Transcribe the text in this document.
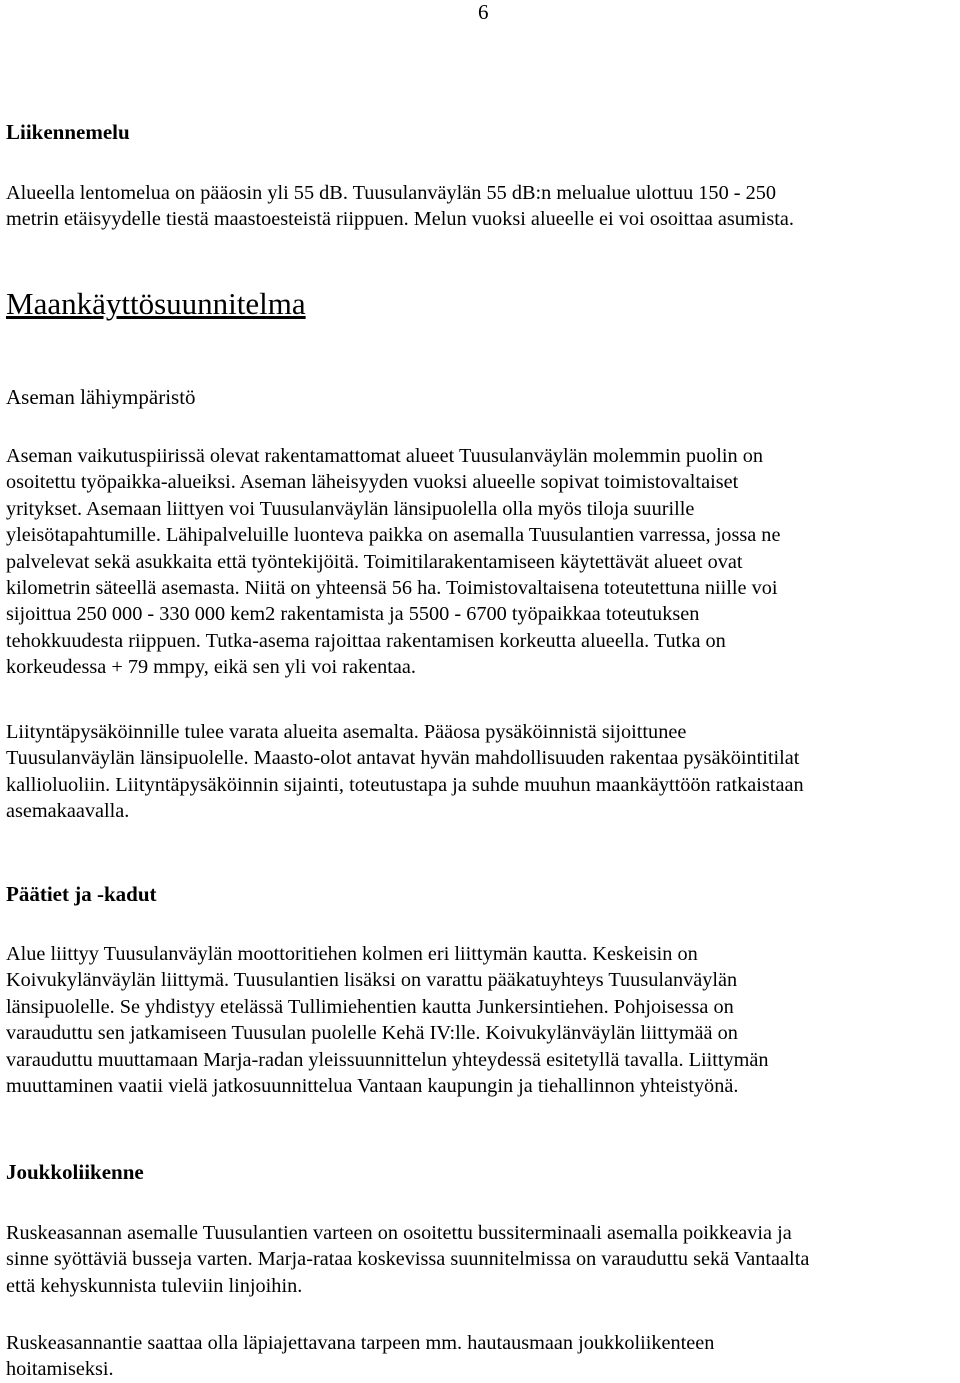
6
Liikennemelu

Alueella lentomelua on pääosin yli 55 dB. Tuusulanväylän 55 dB:n melualue ulottuu 150 - 250
metrin etäisyydelle tiestä maastoesteistä riippuen. Melun vuoksi alueelle ei voi osoittaa asumista.

Maankäyttösuunnitelma
Aseman lähiympäristö

Aseman vaikutuspiirissä olevat rakentamattomat alueet Tuusulanväylän molemmin puolin on
osoitettu työpaikka-alueiksi. Aseman läheisyyden vuoksi alueelle sopivat toimistovaltaiset
yritykset. Asemaan liittyen voi Tuusulanväylän länsipuolella olla myös tiloja suurille
yleisötapahtumille. Lähipalveluille luonteva paikka on asemalla Tuusulantien varressa, jossa ne
palvelevat sekä asukkaita että työntekijöitä. Toimitilarakentamiseen käytettävät alueet ovat
kilometrin säteellä asemasta. Niitä on yhteensä 56 ha. Toimistovaltaisena toteutettuna niille voi
sijoittua 250 000 - 330 000 kem2 rakentamista ja 5500 - 6700 työpaikkaa toteutuksen
tehokkuudesta riippuen. Tutka-asema rajoittaa rakentamisen korkeutta alueella. Tutka on
korkeudessa + 79 mmpy, eikä sen yli voi rakentaa.

Liityntäpysäköinnille tulee varata alueita asemalta. Pääosa pysäköinnistä sijoittunee
Tuusulanväylän länsipuolelle. Maasto-olot antavat hyvän mahdollisuuden rakentaa pysäköintitilat
kallioluoliin. Liityntäpysäköinnin sijainti, toteutustapa ja suhde muuhun maankäyttöön ratkaistaan
asemakaavalla.

Päätiet ja -kadut

Alue liittyy Tuusulanväylän moottoritiehen kolmen eri liittymän kautta. Keskeisin on
Koivukylänväylän liittymä. Tuusulantien lisäksi on varattu pääkatuyhteys Tuusulanväylän
länsipuolelle. Se yhdistyy etelässä Tullimiehentien kautta Junkersintiehen. Pohjoisessa on
varauduttu sen jatkamiseen Tuusulan puolelle Kehä IV:lle. Koivukylänväylän liittymää on
varauduttu muuttamaan Marja-radan yleissuunnittelun yhteydessä esitetyllä tavalla. Liittymän
muuttaminen vaatii vielä jatkosuunnittelua Vantaan kaupungin ja tiehallinnon yhteistyönä.

Joukkoliikenne

Ruskeasannan asemalle Tuusulantien varteen on osoitettu bussiterminaali asemalla poikkeavia ja
sinne syöttäviä busseja varten. Marja-rataa koskevissa suunnitelmissa on varauduttu sekä Vantaalta
että kehyskunnista tuleviin linjoihin.

Ruskeasannantie saattaa olla läpiajettavana tarpeen mm. hautausmaan joukkoliikenteen
hoitamiseksi.
